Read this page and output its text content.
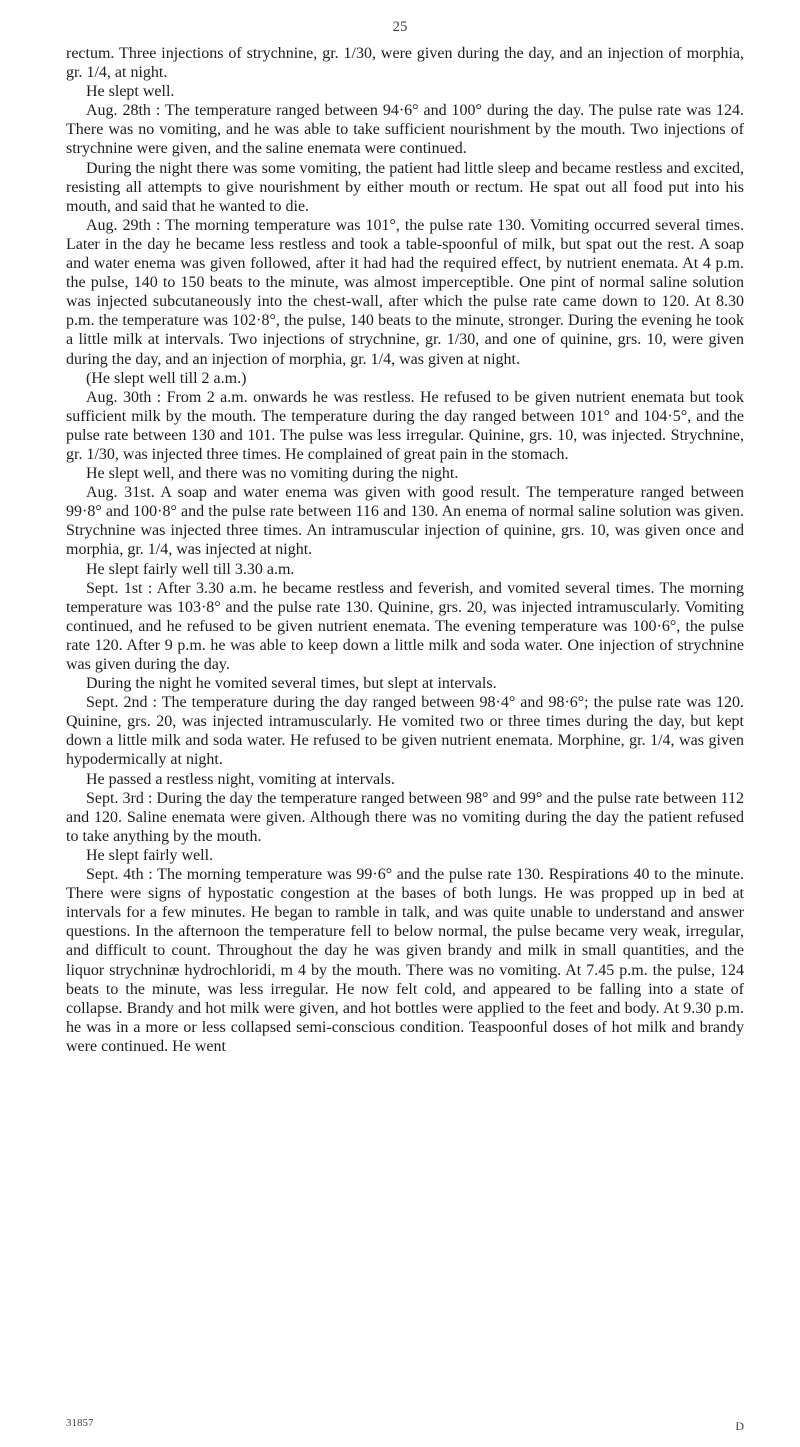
25

rectum. Three injections of strychnine, gr. 1/30, were given during the day, and an injection of morphia, gr. 1/4, at night.

He slept well.

Aug. 28th : The temperature ranged between 94·6° and 100° during the day. The pulse rate was 124. There was no vomiting, and he was able to take sufficient nourishment by the mouth. Two injections of strychnine were given, and the saline enemata were continued.

During the night there was some vomiting, the patient had little sleep and became restless and excited, resisting all attempts to give nourishment by either mouth or rectum. He spat out all food put into his mouth, and said that he wanted to die.

Aug. 29th : The morning temperature was 101°, the pulse rate 130. Vomiting occurred several times. Later in the day he became less restless and took a table-spoonful of milk, but spat out the rest. A soap and water enema was given followed, after it had had the required effect, by nutrient enemata. At 4 p.m. the pulse, 140 to 150 beats to the minute, was almost imperceptible. One pint of normal saline solution was injected subcutaneously into the chest-wall, after which the pulse rate came down to 120. At 8.30 p.m. the temperature was 102·8°, the pulse, 140 beats to the minute, stronger. During the evening he took a little milk at intervals. Two injections of strychnine, gr. 1/30, and one of quinine, grs. 10, were given during the day, and an injection of morphia, gr. 1/4, was given at night.

(He slept well till 2 a.m.)

Aug. 30th : From 2 a.m. onwards he was restless. He refused to be given nutrient enemata but took sufficient milk by the mouth. The temperature during the day ranged between 101° and 104·5°, and the pulse rate between 130 and 101. The pulse was less irregular. Quinine, grs. 10, was injected. Strychnine, gr. 1/30, was injected three times. He complained of great pain in the stomach.

He slept well, and there was no vomiting during the night.

Aug. 31st. A soap and water enema was given with good result. The temperature ranged between 99·8° and 100·8° and the pulse rate between 116 and 130. An enema of normal saline solution was given. Strychnine was injected three times. An intramuscular injection of quinine, grs. 10, was given once and morphia, gr. 1/4, was injected at night.

He slept fairly well till 3.30 a.m.

Sept. 1st : After 3.30 a.m. he became restless and feverish, and vomited several times. The morning temperature was 103·8° and the pulse rate 130. Quinine, grs. 20, was injected intramuscularly. Vomiting continued, and he refused to be given nutrient enemata. The evening temperature was 100·6°, the pulse rate 120. After 9 p.m. he was able to keep down a little milk and soda water. One injection of strychnine was given during the day.

During the night he vomited several times, but slept at intervals.

Sept. 2nd : The temperature during the day ranged between 98·4° and 98·6°; the pulse rate was 120. Quinine, grs. 20, was injected intramuscularly. He vomited two or three times during the day, but kept down a little milk and soda water. He refused to be given nutrient enemata. Morphine, gr. 1/4, was given hypodermically at night.

He passed a restless night, vomiting at intervals.

Sept. 3rd : During the day the temperature ranged between 98° and 99° and the pulse rate between 112 and 120. Saline enemata were given. Although there was no vomiting during the day the patient refused to take anything by the mouth.

He slept fairly well.

Sept. 4th : The morning temperature was 99·6° and the pulse rate 130. Respirations 40 to the minute. There were signs of hypostatic congestion at the bases of both lungs. He was propped up in bed at intervals for a few minutes. He began to ramble in talk, and was quite unable to understand and answer questions. In the afternoon the temperature fell to below normal, the pulse became very weak, irregular, and difficult to count. Throughout the day he was given brandy and milk in small quantities, and the liquor strychninæ hydrochloridi, m 4 by the mouth. There was no vomiting. At 7.45 p.m. the pulse, 124 beats to the minute, was less irregular. He now felt cold, and appeared to be falling into a state of collapse. Brandy and hot milk were given, and hot bottles were applied to the feet and body. At 9.30 p.m. he was in a more or less collapsed semi-conscious condition. Teaspoonful doses of hot milk and brandy were continued. He went

31857	D
